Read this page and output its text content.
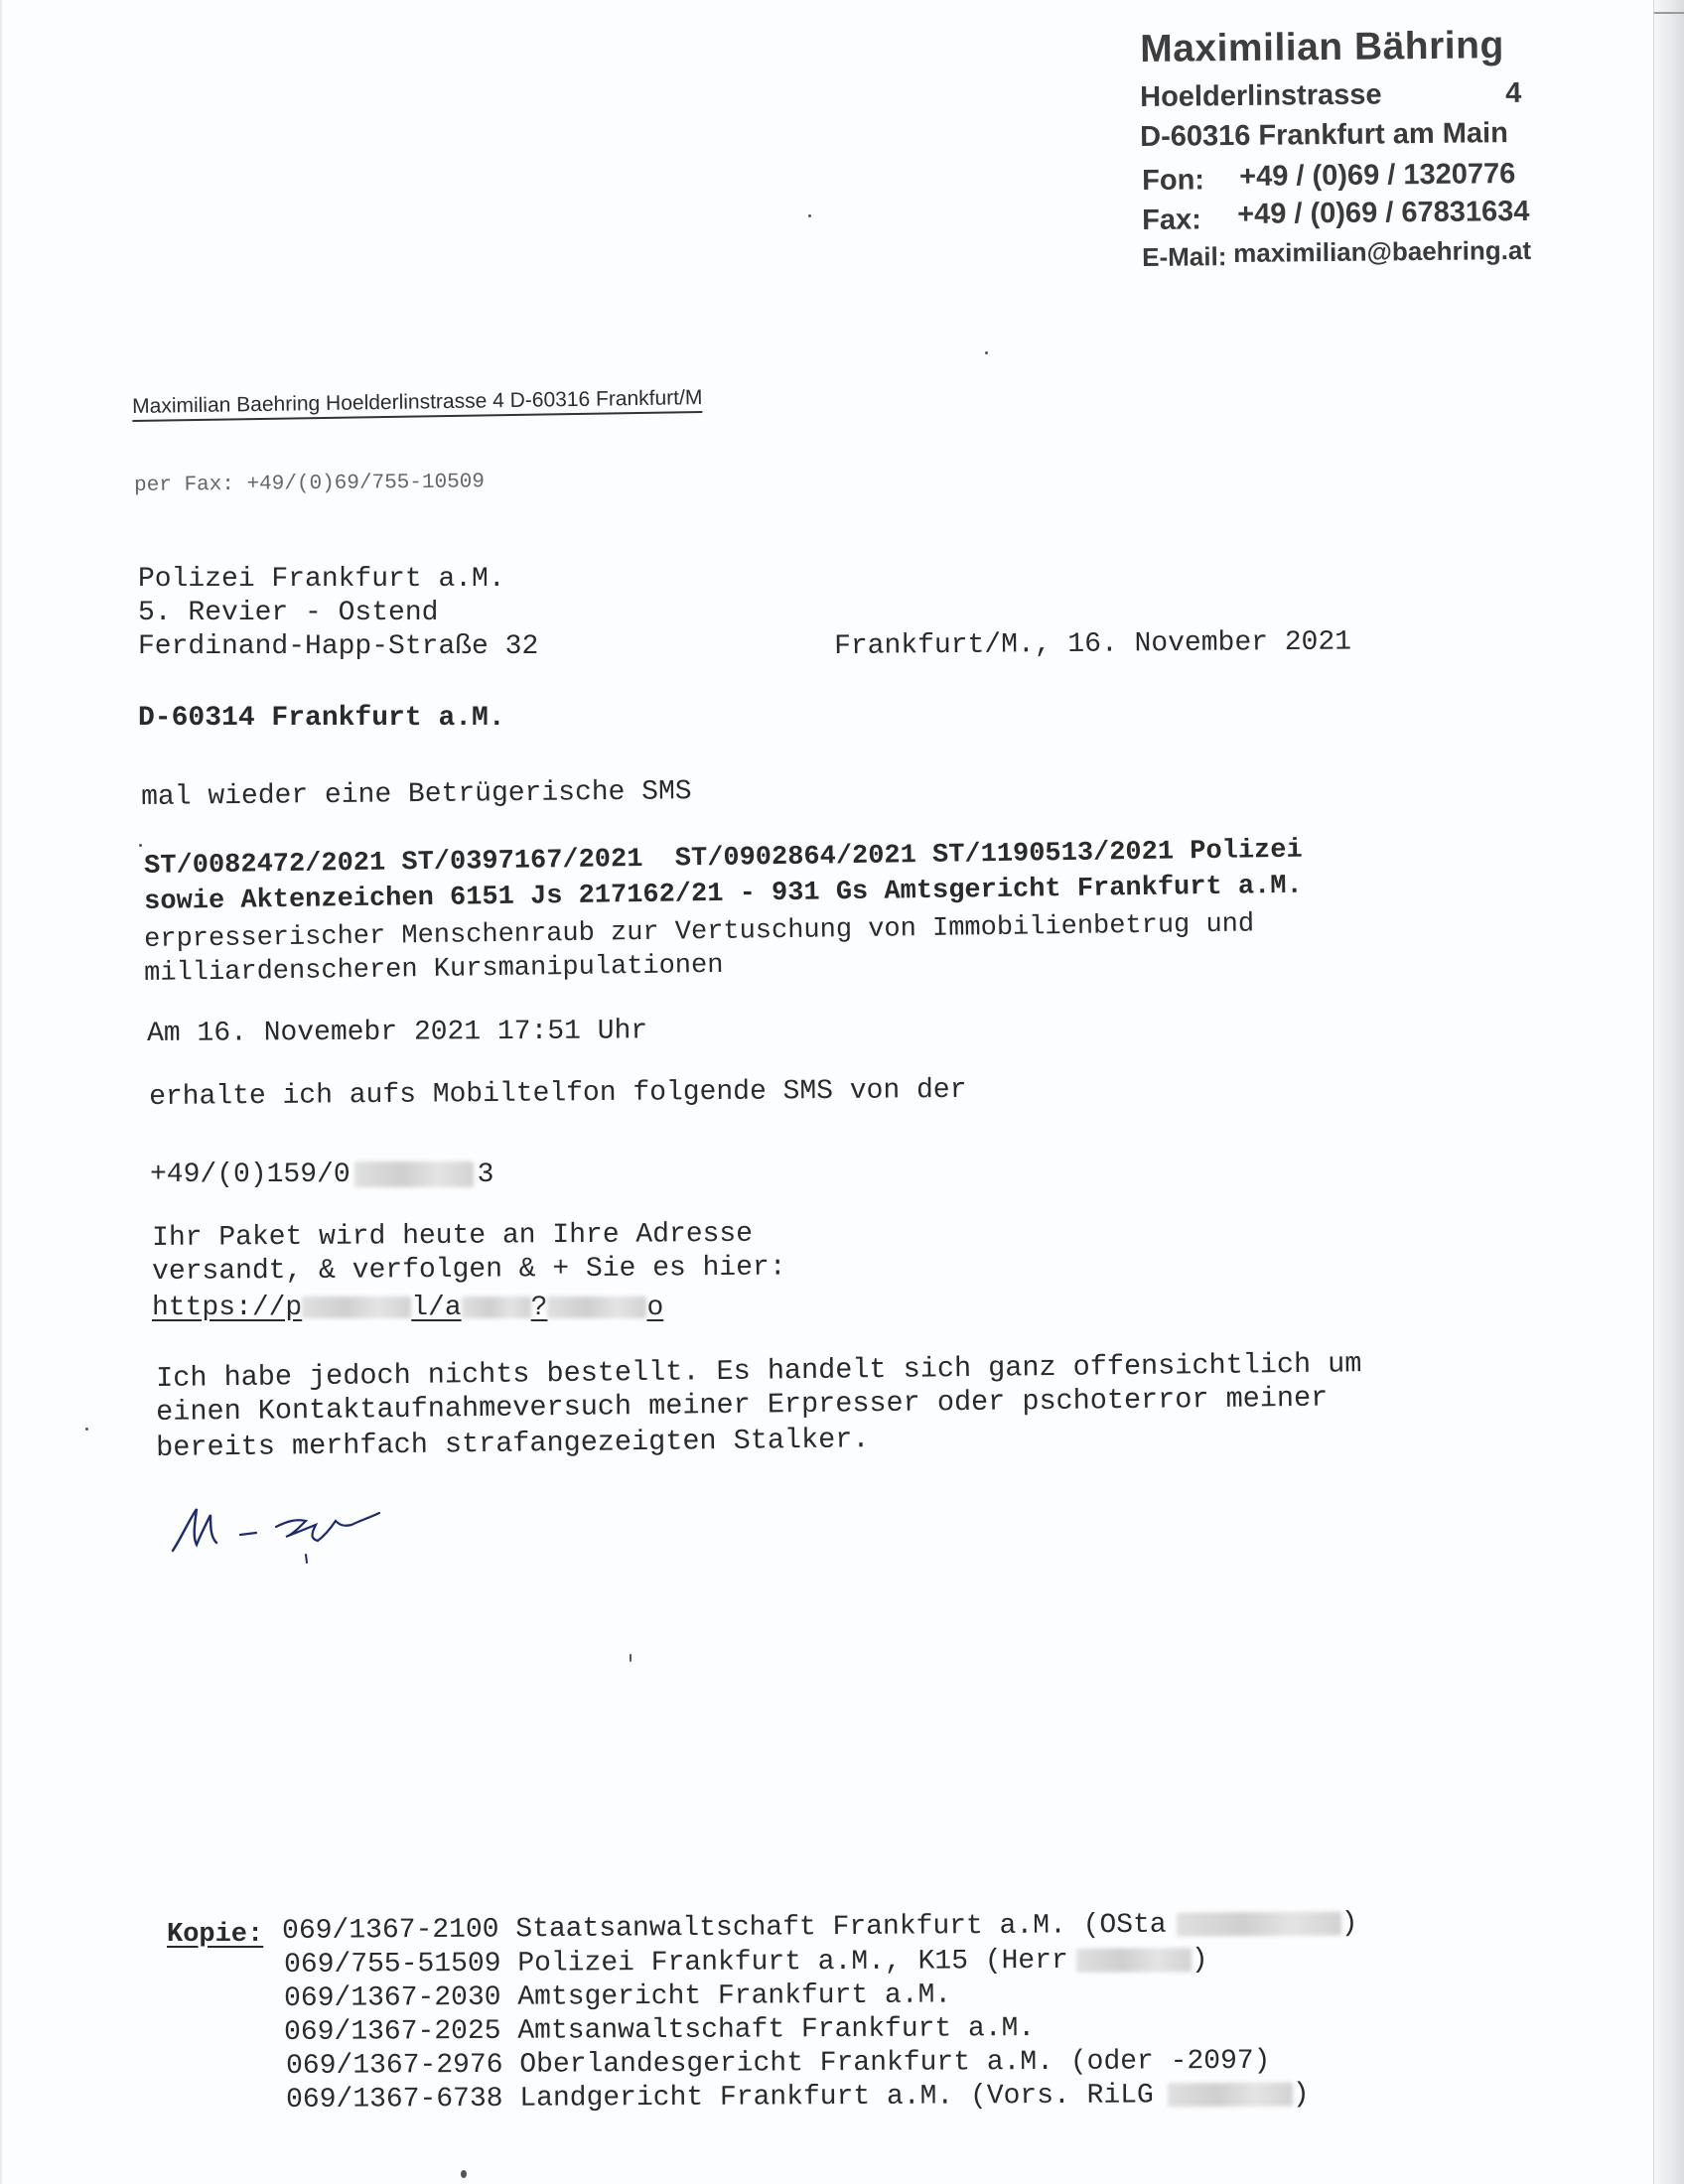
Maximilian Bähring
Hoelderlinstrasse	4
D-60316 Frankfurt am Main
Fon: +49 / (0)69 / 1320776
Fax: +49 / (0)69 / 67831634
E-Mail: maximilian@baehring.at
Maximilian Baehring Hoelderlinstrasse 4 D-60316 Frankfurt/M
per Fax: +49/(0)69/755-10509
Polizei Frankfurt a.M.
5. Revier - Ostend
Ferdinand-Happ-Straße 32
D-60314 Frankfurt a.M.
Frankfurt/M., 16. November 2021
mal wieder eine Betrügerische SMS
ST/0082472/2021 ST/0397167/2021  ST/0902864/2021 ST/1190513/2021 Polizei
sowie Aktenzeichen 6151 Js 217162/21 - 931 Gs Amtsgericht Frankfurt a.M.
erpresserischer Menschenraub zur Vertuschung von Immobilienbetrug und
milliardenscheren Kursmanipulationen
Am 16. Novemebr 2021 17:51 Uhr
erhalte ich aufs Mobiltelfon folgende SMS von der
+49/(0)159/0	3
Ihr Paket wird heute an Ihre Adresse
versandt, & verfolgen & + Sie es hier:
https://p	l/a	?	o
Ich habe jedoch nichts bestellt. Es handelt sich ganz offensichtlich um
einen Kontaktaufnahmeversuch meiner Erpresser oder pschoterror meiner
bereits merhfach strafangezeigten Stalker.
Kopie: 069/1367-2100 Staatsanwaltschaft Frankfurt a.M. (OSta	)
069/755-51509 Polizei Frankfurt a.M., K15 (Herr	)
069/1367-2030 Amtsgericht Frankfurt a.M.
069/1367-2025 Amtsanwaltschaft Frankfurt a.M.
069/1367-2976 Oberlandesgericht Frankfurt a.M. (oder -2097)
069/1367-6738 Landgericht Frankfurt a.M. (Vors. RiLG	)
